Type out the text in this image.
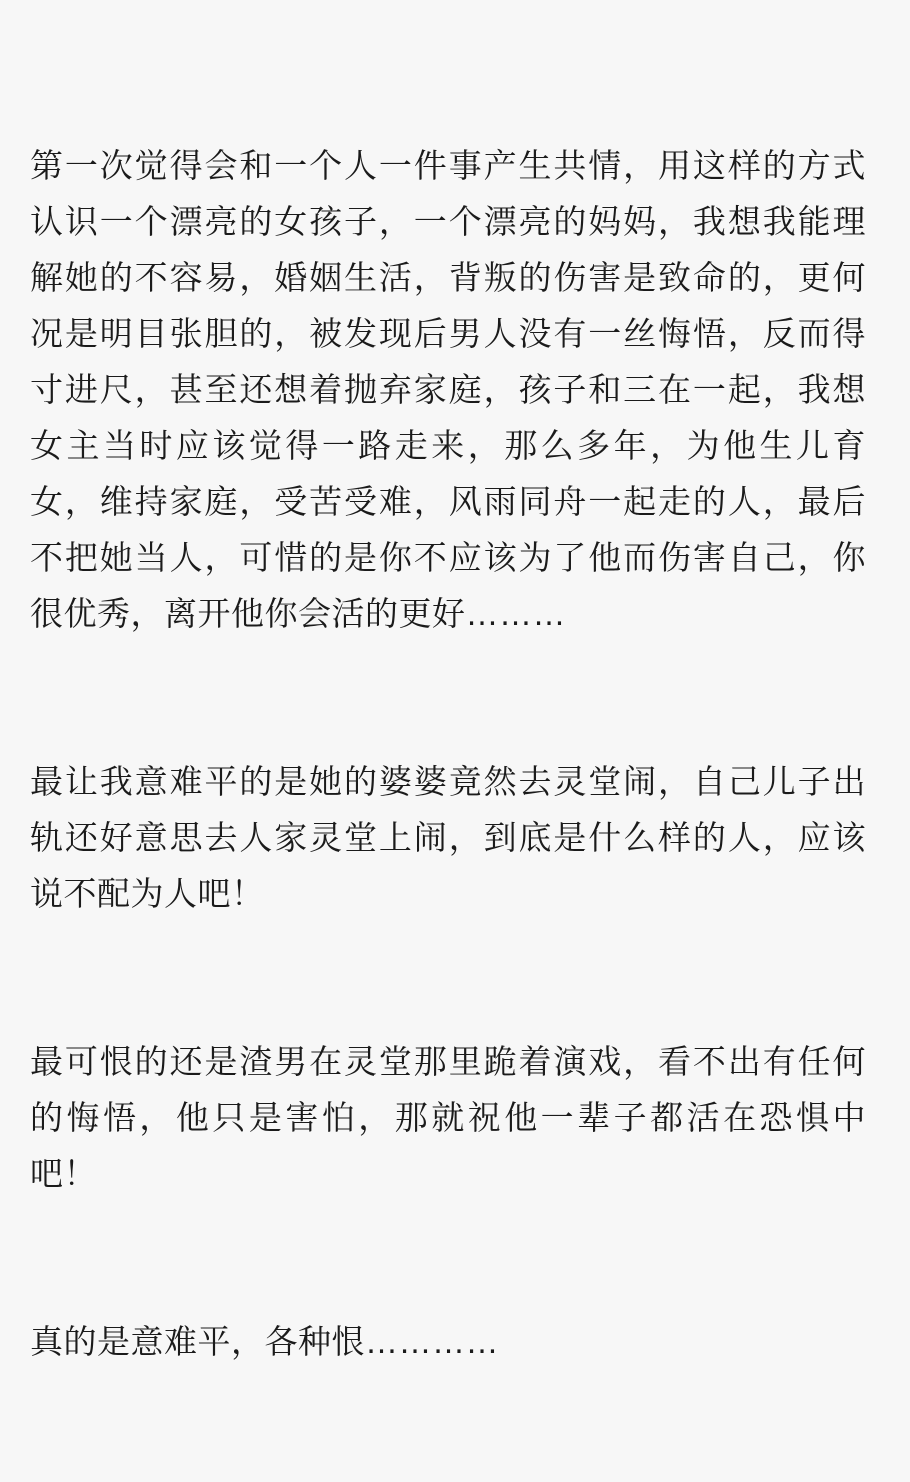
第一次觉得会和一个人一件事产生共情，用这样的方式认识一个漂亮的女孩子，一个漂亮的妈妈，我想我能理解她的不容易，婚姻生活，背叛的伤害是致命的，更何况是明目张胆的，被发现后男人没有一丝悔悟，反而得寸进尺，甚至还想着抛弃家庭，孩子和三在一起，我想女主当时应该觉得一路走来，那么多年，为他生儿育女，维持家庭，受苦受难，风雨同舟一起走的人，最后不把她当人，可惜的是你不应该为了他而伤害自己，你很优秀，离开他你会活的更好………

最让我意难平的是她的婆婆竟然去灵堂闹，自己儿子出轨还好意思去人家灵堂上闹，到底是什么样的人，应该说不配为人吧！

最可恨的还是渣男在灵堂那里跪着演戏，看不出有任何的悔悟，他只是害怕，那就祝他一辈子都活在恐惧中吧！

真的是意难平，各种恨…………
